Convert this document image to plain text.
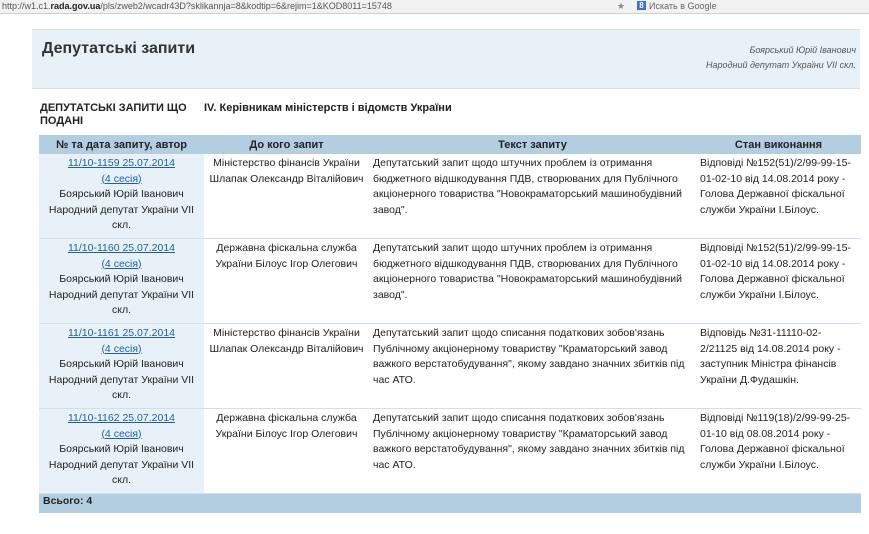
http://w1.c1.rada.gov.ua/pls/zweb2/wcadr43D?sklikannja=8&kodtip=6&rejim=1&KOD8011=15748	★ 8 Искать в Google
Депутатські запити	Боярський Юрій Іванович
Народний депутат України VII скл.
ДЕПУТАТСЬКІ ЗАПИТИ ЩО ПОДАНІ
IV. Керівникам міністерств і відомств України
№ та дата запиту, автор	До кого запит	Текст запиту	Стан виконання

11/10-1159 25.07.2014
(4 сесія)
Боярський Юрій Іванович
Народний депутат України VII скл.	Міністерство фінансів України Шлапак Олександр Віталійович	Депутатський запит щодо штучних проблем із отримання бюджетного відшкодування ПДВ, створюваних для Публічного акціонерного товариства "Новокраматорський машинобудівний завод".	Відповіді №152(51)/2/99-99-15-01-02-10 від 14.08.2014 року - Голова Державної фіскальної служби України І.Білоус.

11/10-1160 25.07.2014
(4 сесія)
Боярський Юрій Іванович
Народний депутат України VII скл.	Державна фіскальна служба України Білоус Ігор Олегович	Депутатський запит щодо штучних проблем із отримання бюджетного відшкодування ПДВ, створюваних для Публічного акціонерного товариства "Новокраматорський машинобудівний завод".	Відповіді №152(51)/2/99-99-15-01-02-10 від 14.08.2014 року - Голова Державної фіскальної служби України І.Білоус.

11/10-1161 25.07.2014
(4 сесія)
Боярський Юрій Іванович
Народний депутат України VII скл.	Міністерство фінансів України Шлапак Олександр Віталійович	Депутатський запит щодо списання податкових зобов'язань Публічному акціонерному товариству "Краматорський завод важкого верстатобудування", якому завдано значних збитків під час АТО.	Відповідь №31-11110-02-2/21125 від 14.08.2014 року - заступник Міністра фінансів України Д.Фудашкін.

11/10-1162 25.07.2014
(4 сесія)
Боярський Юрій Іванович
Народний депутат України VII скл.	Державна фіскальна служба України Білоус Ігор Олегович	Депутатський запит щодо списання податкових зобов'язань Публічному акціонерному товариству "Краматорський завод важкого верстатобудування", якому завдано значних збитків під час АТО.	Відповіді №119(18)/2/99-99-25-01-10 від 08.08.2014 року - Голова Державної фіскальної служби України І.Білоус.
Всього: 4			
